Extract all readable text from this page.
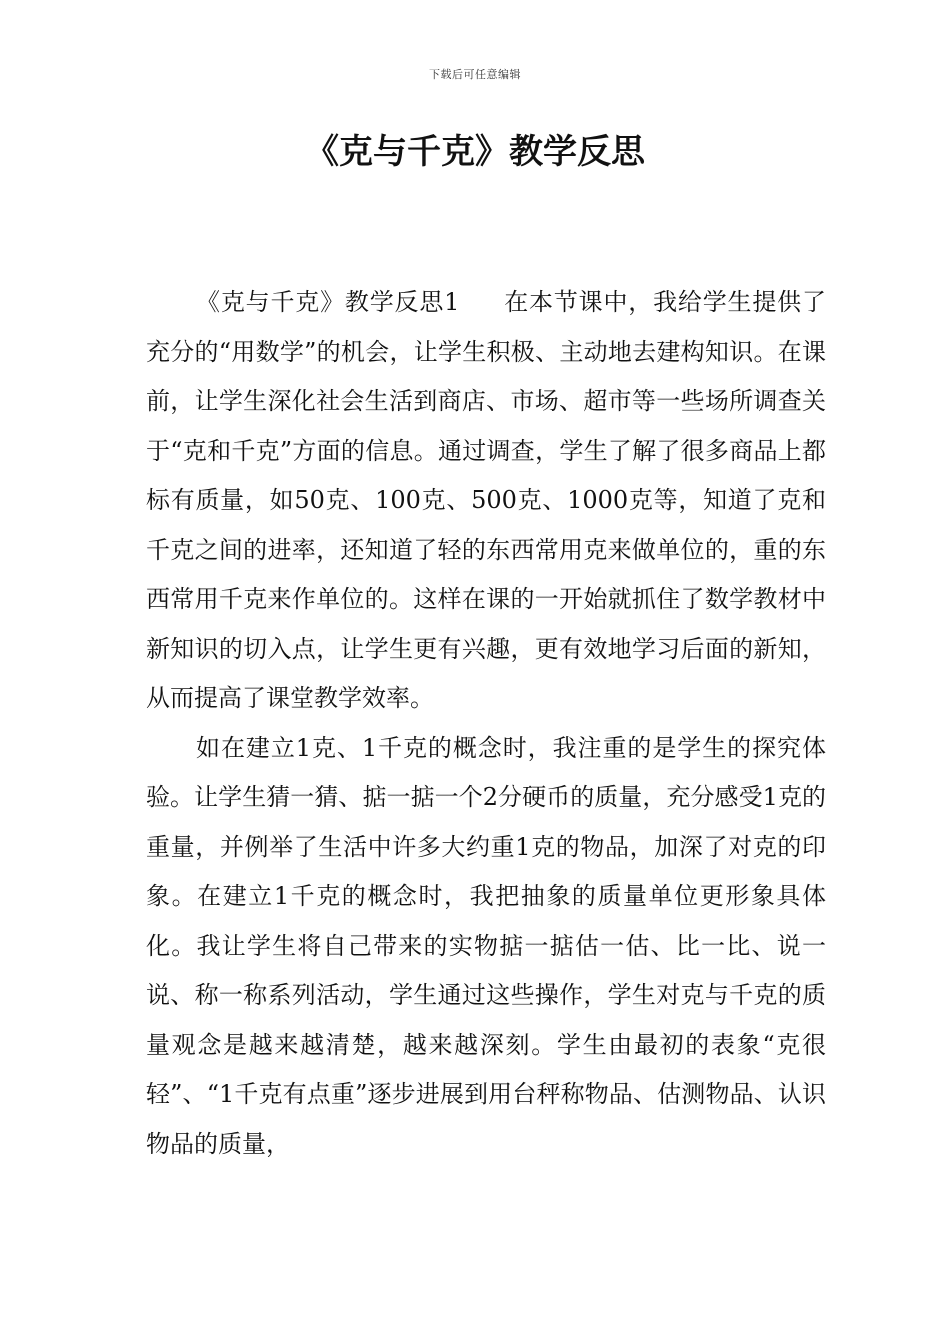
下载后可任意编辑
《克与千克》教学反思

《克与千克》教学反思1 在本节课中，我给学生提供了充分的“用数学”的机会，让学生积极、主动地去建构知识。在课前，让学生深化社会生活到商店、市场、超市等一些场所调查关于“克和千克”方面的信息。通过调查，学生了解了很多商品上都标有质量，如50克、100克、500克、1000克等，知道了克和千克之间的进率，还知道了轻的东西常用克来做单位的，重的东西常用千克来作单位的。这样在课的一开始就抓住了数学教材中新知识的切入点，让学生更有兴趣，更有效地学习后面的新知，从而提高了课堂教学效率。

如在建立1克、1千克的概念时，我注重的是学生的探究体验。让学生猜一猜、掂一掂一个2分硬币的质量，充分感受1克的重量，并例举了生活中许多大约重1克的物品，加深了对克的印象。在建立1千克的概念时，我把抽象的质量单位更形象具体化。我让学生将自己带来的实物掂一掂估一估、比一比、说一说、称一称系列活动，学生通过这些操作，学生对克与千克的质量观念是越来越清楚，越来越深刻。学生由最初的表象“克很轻”、“1千克有点重”逐步进展到用台秤称物品、估测物品、认识物品的质量，
